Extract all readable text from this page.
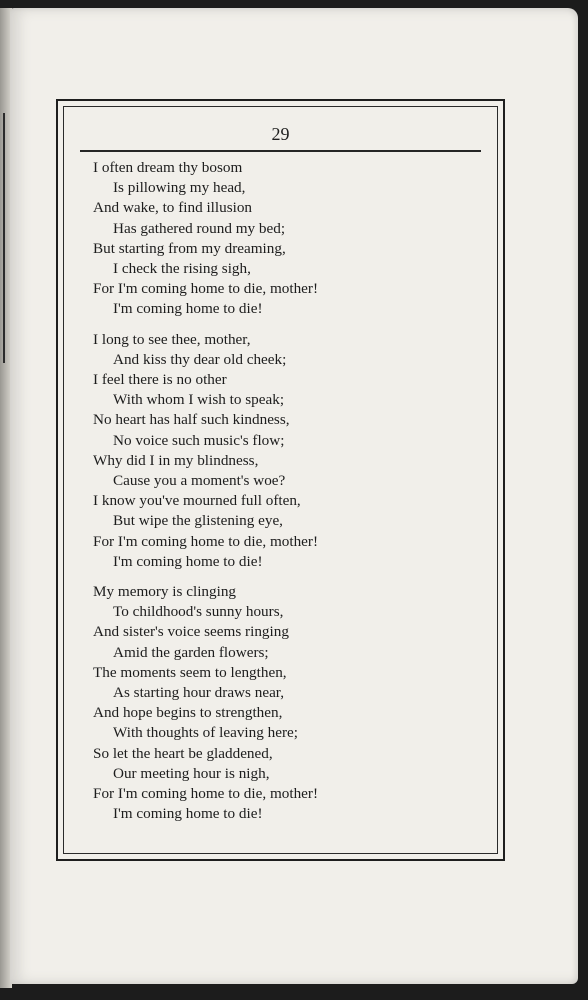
29
I often dream thy bosom
Is pillowing my head,
And wake, to find illusion
Has gathered round my bed;
But starting from my dreaming,
I check the rising sigh,
For I'm coming home to die, mother!
I'm coming home to die!
I long to see thee, mother,
And kiss thy dear old cheek;
I feel there is no other
With whom I wish to speak;
No heart has half such kindness,
No voice such music's flow;
Why did I in my blindness,
Cause you a moment's woe?
I know you've mourned full often,
But wipe the glistening eye,
For I'm coming home to die, mother!
I'm coming home to die!
My memory is clinging
To childhood's sunny hours,
And sister's voice seems ringing
Amid the garden flowers;
The moments seem to lengthen,
As starting hour draws near,
And hope begins to strengthen,
With thoughts of leaving here;
So let the heart be gladdened,
Our meeting hour is nigh,
For I'm coming home to die, mother!
I'm coming home to die!
